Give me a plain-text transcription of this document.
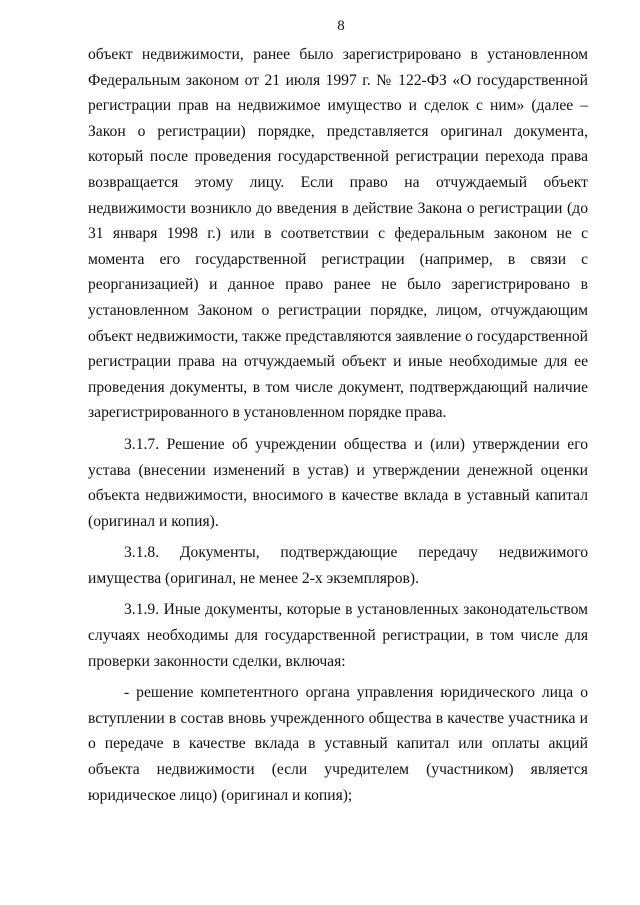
8

объект недвижимости, ранее было зарегистрировано в установленном Федеральным законом от 21 июля 1997 г. № 122-ФЗ «О государственной регистрации прав на недвижимое имущество и сделок с ним» (далее – Закон о регистрации) порядке, представляется оригинал документа, который после проведения государственной регистрации перехода права возвращается этому лицу. Если право на отчуждаемый объект недвижимости возникло до введения в действие Закона о регистрации (до 31 января 1998 г.) или в соответствии с федеральным законом не с момента его государственной регистрации (например, в связи с реорганизацией) и данное право ранее не было зарегистрировано в установленном Законом о регистрации порядке, лицом, отчуждающим объект недвижимости, также представляются заявление о государственной регистрации права на отчуждаемый объект и иные необходимые для ее проведения документы, в том числе документ, подтверждающий наличие зарегистрированного в установленном порядке права.

3.1.7. Решение об учреждении общества и (или) утверждении его устава (внесении изменений в устав) и утверждении денежной оценки объекта недвижимости, вносимого в качестве вклада в уставный капитал (оригинал и копия).

3.1.8. Документы, подтверждающие передачу недвижимого имущества (оригинал, не менее 2-х экземпляров).

3.1.9. Иные документы, которые в установленных законодательством случаях необходимы для государственной регистрации, в том числе для проверки законности сделки, включая:

- решение компетентного органа управления юридического лица о вступлении в состав вновь учрежденного общества в качестве участника и о передаче в качестве вклада в уставный капитал или оплаты акций объекта недвижимости (если учредителем (участником) является юридическое лицо) (оригинал и копия);
